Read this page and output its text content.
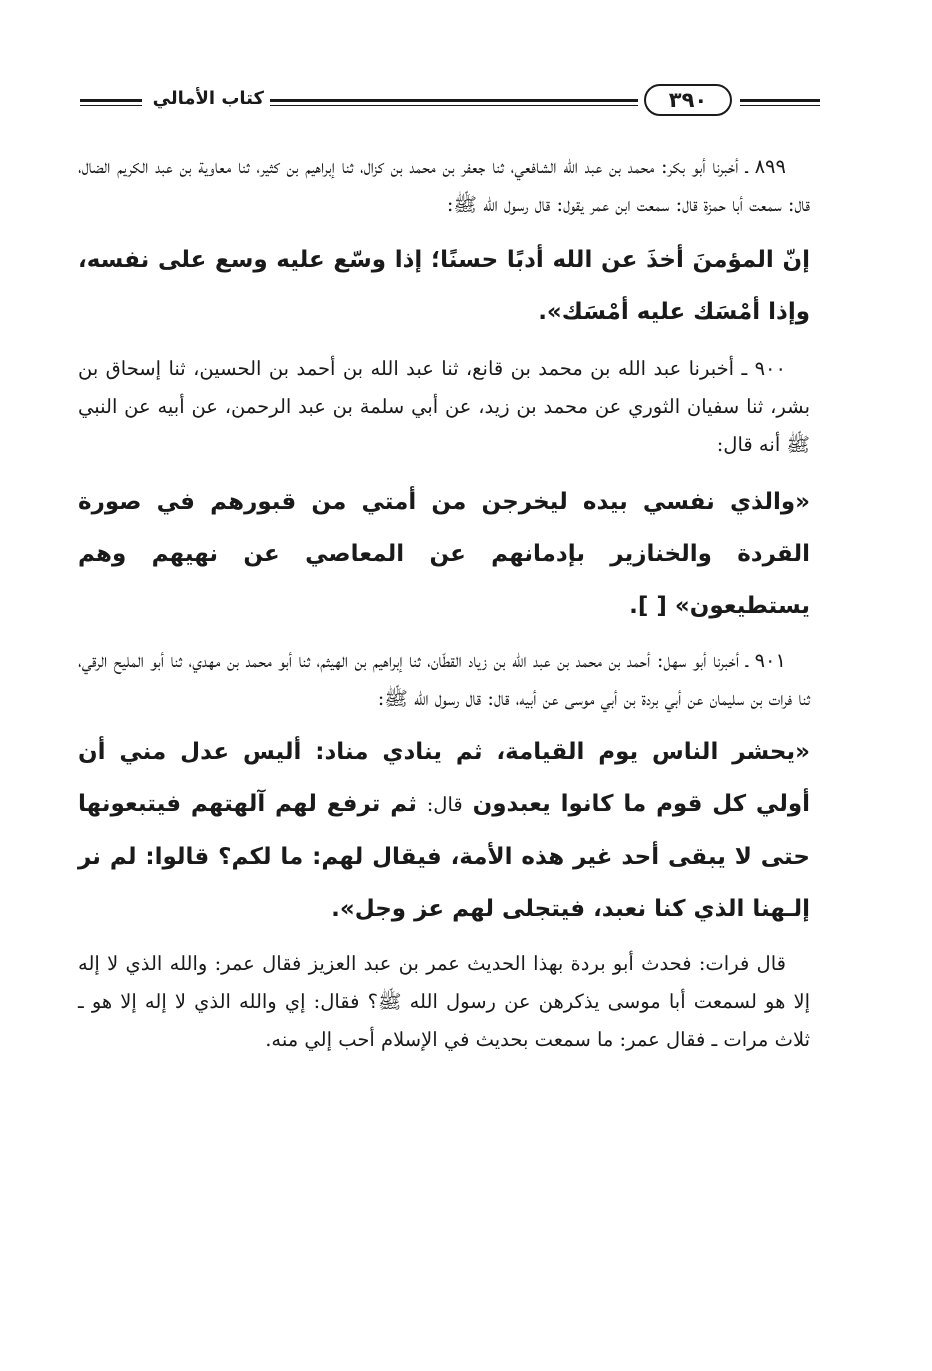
٣٩٠
كتاب الأمالي

٨٩٩ ـ أخبرنا أبو بكر: محمد بن عبد الله الشافعي، ثنا جعفر بن محمد بن كزال، ثنا إبراهيم بن كثير، ثنا معاوية بن عبد الكريم الضال، قال: سمعت أبا حمزة قال: سمعت ابن عمر يقول: قال رسول الله ﷺ:

إنّ المؤمنَ أخذَ عن الله أدبًا حسنًا؛ إذا وسّع عليه وسع على نفسه، وإذا أمْسَك عليه أمْسَك».

٩٠٠ ـ أخبرنا عبد الله بن محمد بن قانع، ثنا عبد الله بن أحمد بن الحسين، ثنا إسحاق بن بشر، ثنا سفيان الثوري عن محمد بن زيد، عن أبي سلمة بن عبد الرحمن، عن أبيه عن النبي ﷺ أنه قال:

«والذي نفسي بيده ليخرجن من أمتي من قبورهم في صورة القردة والخنازير بإدمانهم عن المعاصي عن نهيهم وهم يستطيعون» [ ].

٩٠١ ـ أخبرنا أبو سهل: أحمد بن محمد بن عبد الله بن زياد القطّان، ثنا إبراهيم بن الهيثم، ثنا أبو محمد بن مهدي، ثنا أبو المليح الرقي، ثنا فرات بن سليمان عن أبي بردة بن أبي موسى عن أبيه، قال: قال رسول الله ﷺ:

«يحشر الناس يوم القيامة، ثم ينادي مناد: أليس عدل مني أن أولي كل قوم ما كانوا يعبدون قال: ثم ترفع لهم آلهتهم فيتبعونها حتى لا يبقى أحد غير هذه الأمة، فيقال لهم: ما لكم؟ قالوا: لم نر إلـهنا الذي كنا نعبد، فيتجلى لهم عز وجل».

قال فرات: فحدث أبو بردة بهذا الحديث عمر بن عبد العزيز فقال عمر: والله الذي لا إله إلا هو لسمعت أبا موسى يذكرهن عن رسول الله ﷺ؟ فقال: إي والله الذي لا إله إلا هو ـ ثلاث مرات ـ فقال عمر: ما سمعت بحديث في الإسلام أحب إلي منه.
